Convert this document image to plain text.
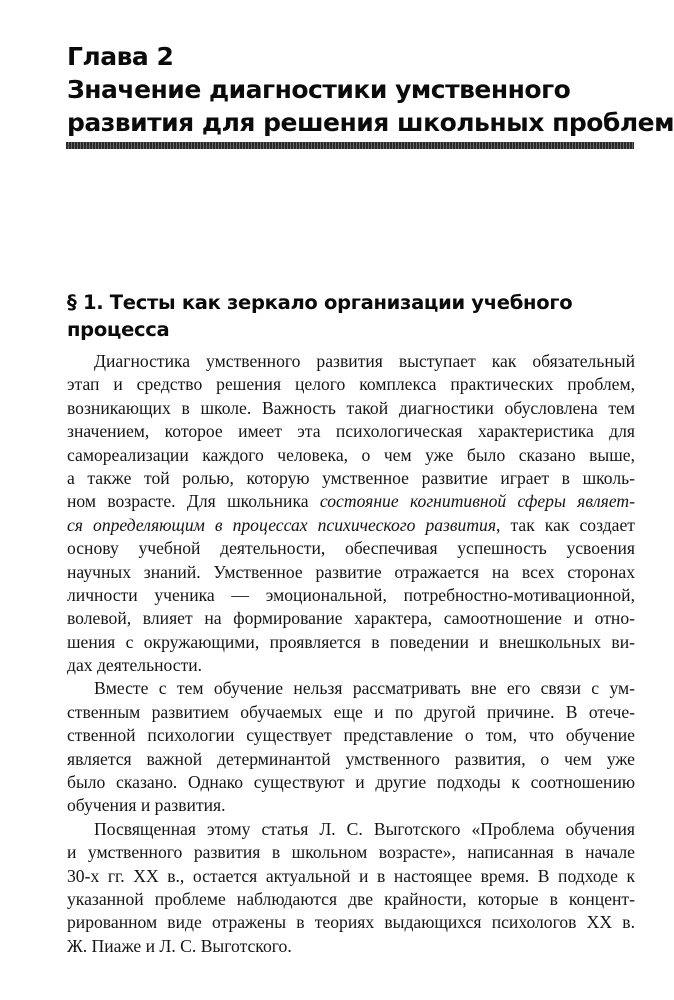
Глава 2
Значение диагностики умственного
развития для решения школьных проблем
§ 1. Тесты как зеркало организации учебного
процесса
Диагностика умственного развития выступает как обязательный
этап и средство решения целого комплекса практических проблем,
возникающих в школе. Важность такой диагностики обусловлена тем
значением, которое имеет эта психологическая характеристика для
самореализации каждого человека, о чем уже было сказано выше,
а также той ролью, которую умственное развитие играет в школь-
ном возрасте. Для школьника состояние когнитивной сферы являет-
ся определяющим в процессах психического развития, так как создает
основу учебной деятельности, обеспечивая успешность усвоения
научных знаний. Умственное развитие отражается на всех сторонах
личности ученика — эмоциональной, потребностно-мотивационной,
волевой, влияет на формирование характера, самоотношение и отно-
шения с окружающими, проявляется в поведении и внешкольных ви-
дах деятельности.
Вместе с тем обучение нельзя рассматривать вне его связи с ум-
ственным развитием обучаемых еще и по другой причине. В отече-
ственной психологии существует представление о том, что обучение
является важной детерминантой умственного развития, о чем уже
было сказано. Однако существуют и другие подходы к соотношению
обучения и развития.
Посвященная этому статья Л. С. Выготского «Проблема обучения
и умственного развития в школьном возрасте», написанная в начале
30-х гг. XX в., остается актуальной и в настоящее время. В подходе к
указанной проблеме наблюдаются две крайности, которые в концент-
рированном виде отражены в теориях выдающихся психологов XX в.
Ж. Пиаже и Л. С. Выготского.
